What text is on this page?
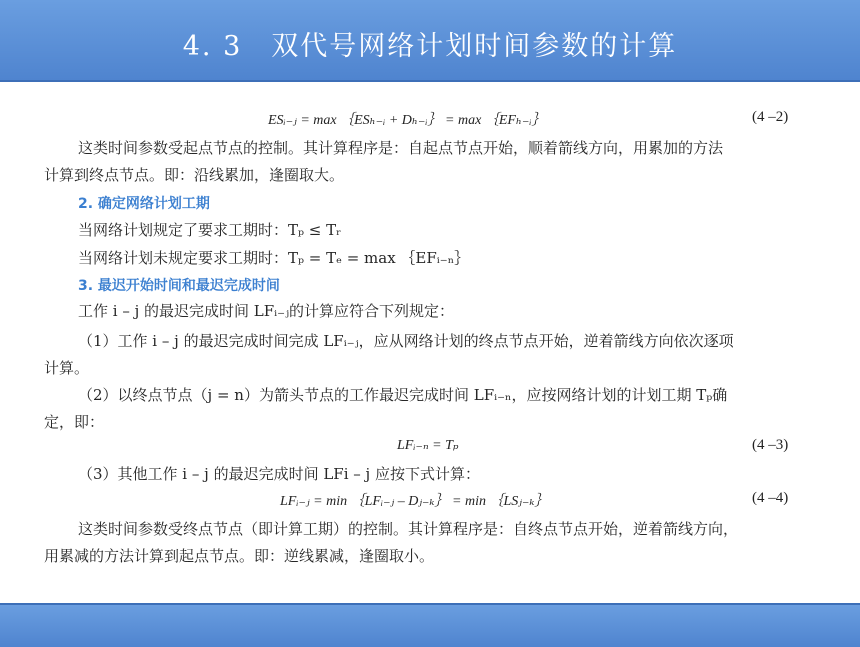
4. 3　双代号网络计划时间参数的计算
ESᵢ₋ⱼ = max ｛ESₕ₋ᵢ + Dₕ₋ᵢ｝ = max ｛EFₕ₋ᵢ｝	(4 –2)
这类时间参数受起点节点的控制。其计算程序是：自起点节点开始，顺着箭线方向，用累加的方法
计算到终点节点。即：沿线累加，逢圈取大。
2. 确定网络计划工期
当网络计划规定了要求工期时：Tₚ ≤ Tᵣ
当网络计划未规定要求工期时：Tₚ = Tₑ = max ｛EFᵢ₋ₙ｝
3. 最迟开始时间和最迟完成时间
工作 i – j 的最迟完成时间 LFᵢ₋ⱼ的计算应符合下列规定：
（1）工作 i – j 的最迟完成时间完成 LFᵢ₋ⱼ，应从网络计划的终点节点开始，逆着箭线方向依次逐项
计算。
（2）以终点节点（j = n）为箭头节点的工作最迟完成时间 LFᵢ₋ₙ，应按网络计划的计划工期 Tₚ确
定，即：
LFᵢ₋ₙ = Tₚ	(4 –3)
（3）其他工作 i – j 的最迟完成时间 LFi – j 应按下式计算：
LFᵢ₋ⱼ = min ｛LFᵢ₋ⱼ – Dⱼ₋ₖ｝ = min ｛LSⱼ₋ₖ｝	(4 –4)
这类时间参数受终点节点（即计算工期）的控制。其计算程序是：自终点节点开始，逆着箭线方向，
用累减的方法计算到起点节点。即：逆线累减，逢圈取小。
